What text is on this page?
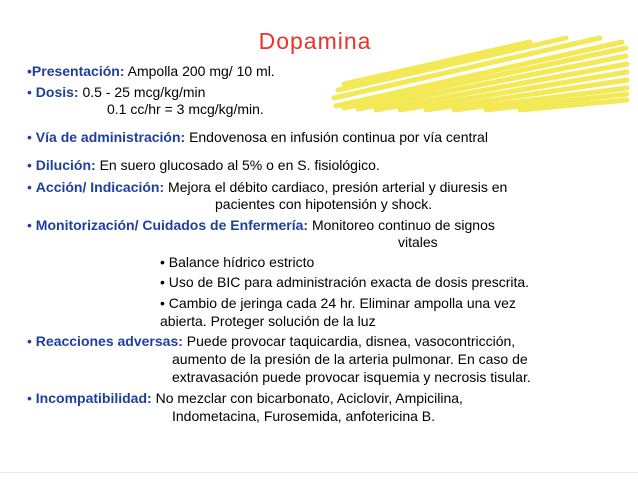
Dopamina
•Presentación: Ampolla 200 mg/ 10 ml.
• Dosis: 0.5 - 25 mcg/kg/min
0.1 cc/hr = 3 mcg/kg/min.
• Vía de administración: Endovenosa en infusión continua por vía central
• Dilución: En suero glucosado al 5% o en S. fisiológico.
• Acción/ Indicación: Mejora el débito cardiaco, presión arterial y diuresis en
pacientes con hipotensión y shock.
• Monitorización/ Cuidados de Enfermería: Monitoreo continuo de signos
vitales
• Balance hídrico estricto
• Uso de BIC para administración exacta de dosis prescrita.
• Cambio de jeringa cada 24 hr. Eliminar ampolla una vez
abierta. Proteger solución de la luz
• Reacciones adversas: Puede provocar taquicardia, disnea, vasocontricción,
aumento de la presión de la arteria pulmonar. En caso de
extravasación puede provocar isquemia y necrosis tisular.
• Incompatibilidad: No mezclar con bicarbonato, Aciclovir, Ampicilina,
Indometacina, Furosemida, anfotericina B.
